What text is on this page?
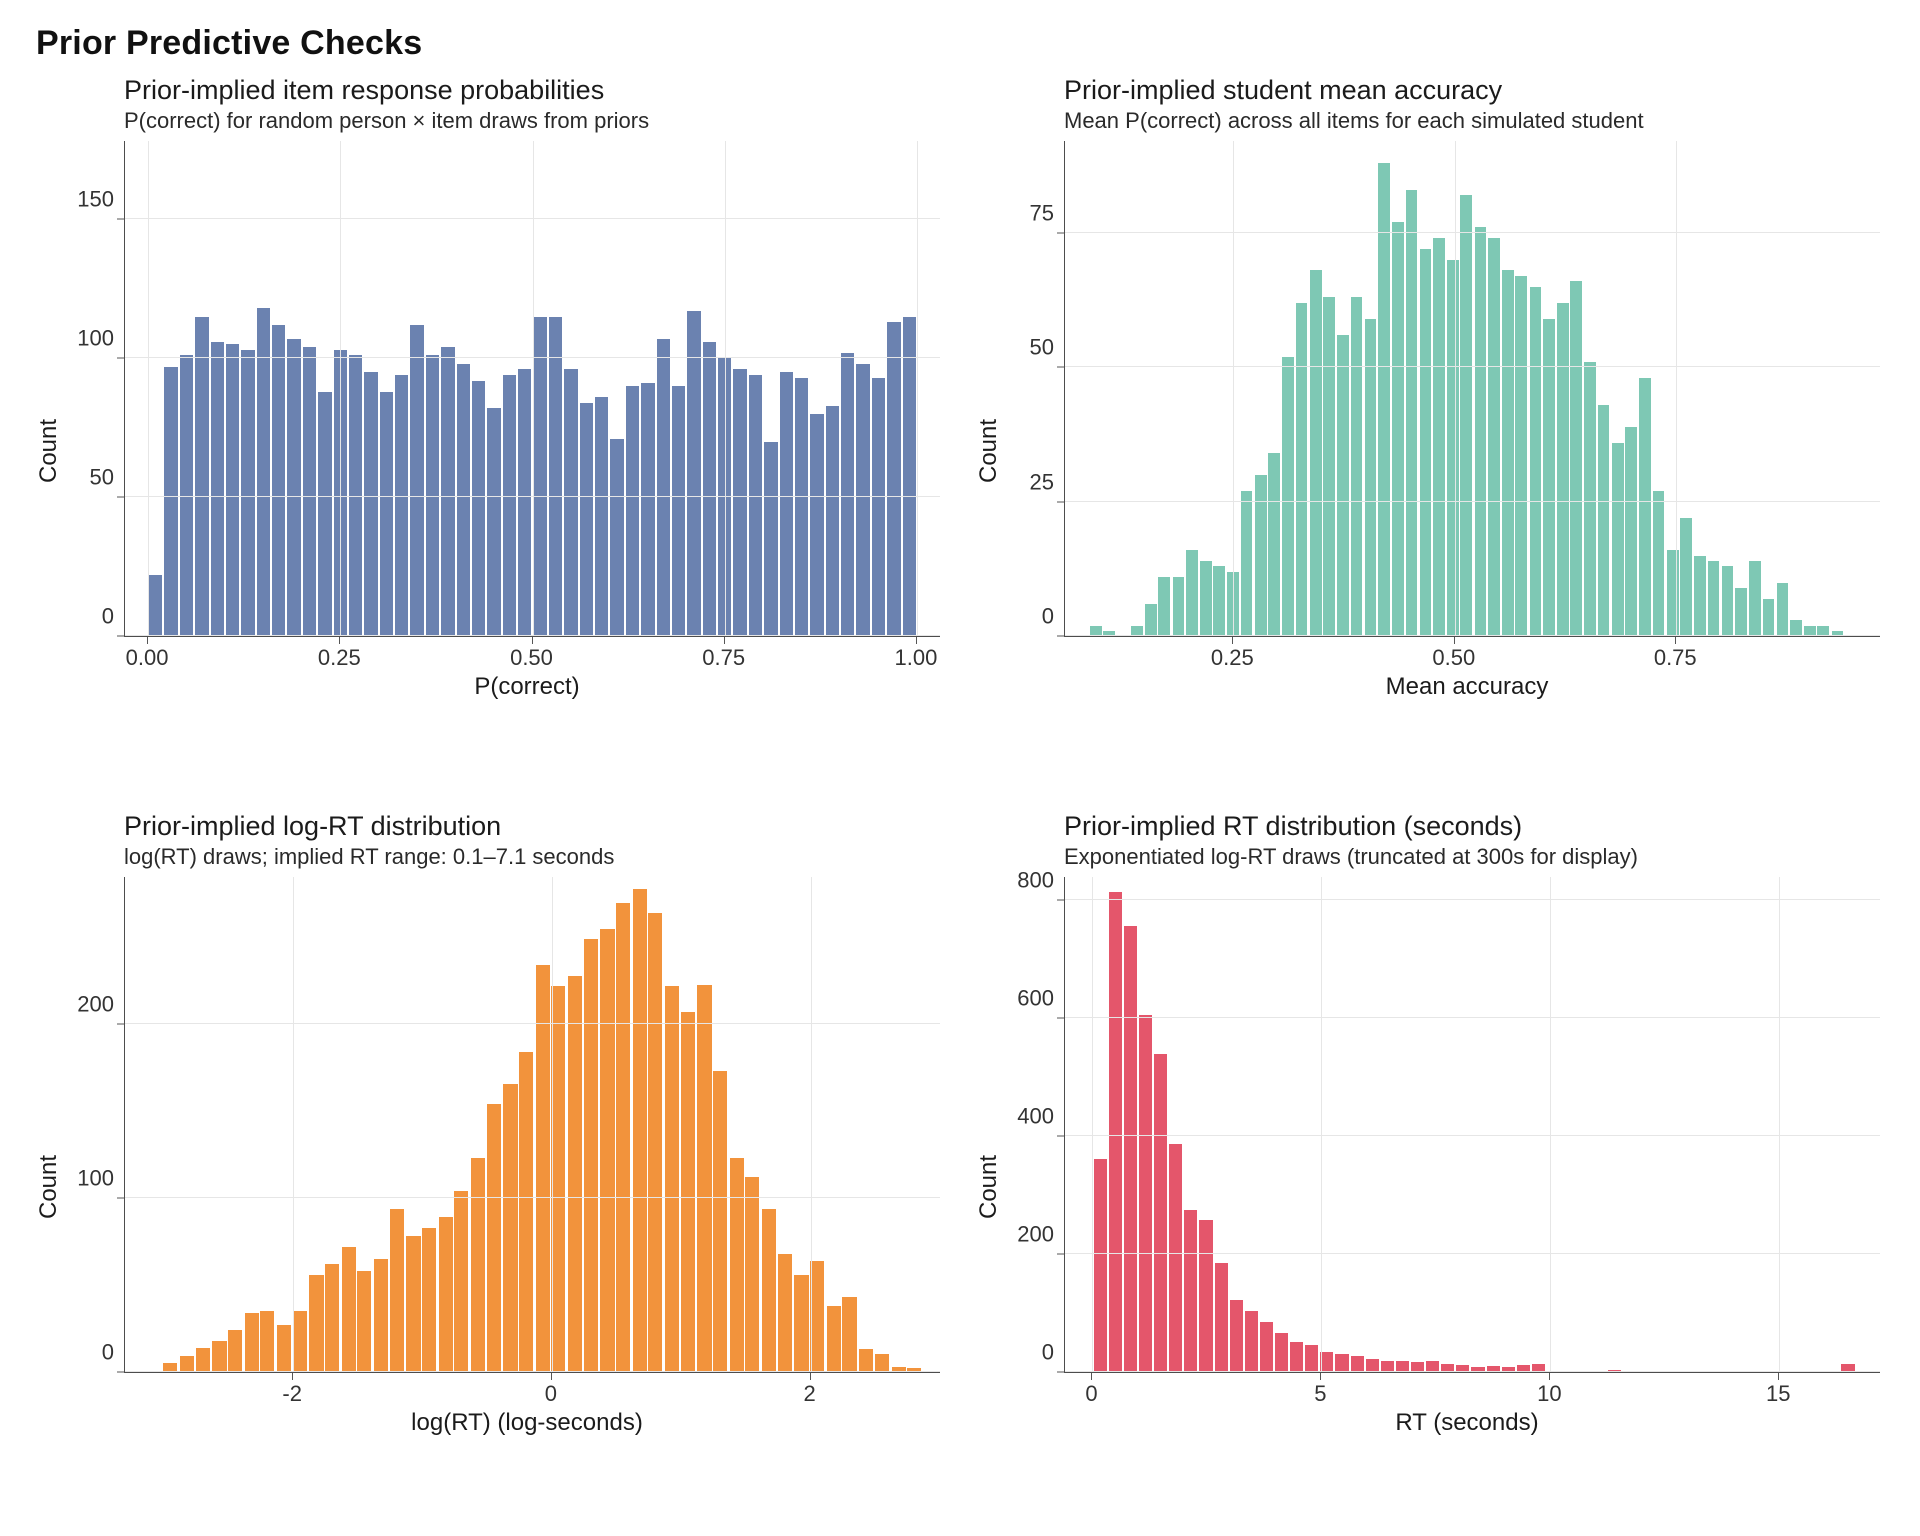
Prior Predictive Checks
Prior-implied item response probabilities
P(correct) for random person × item draws from priors
Count
0
50
100
150
0.00	0.25	0.50	0.75	1.00
P(correct)
Prior-implied student mean accuracy
Mean P(correct) across all items for each simulated student
Count
0
25
50
75
0.25	0.50	0.75
Mean accuracy
Prior-implied log-RT distribution
log(RT) draws; implied RT range: 0.1–7.1 seconds
Count
0
100
200
-2	0	2
log(RT) (log-seconds)
Prior-implied RT distribution (seconds)
Exponentiated log-RT draws (truncated at 300s for display)
Count
0
200
400
600
800
0	5	10	15
RT (seconds)
